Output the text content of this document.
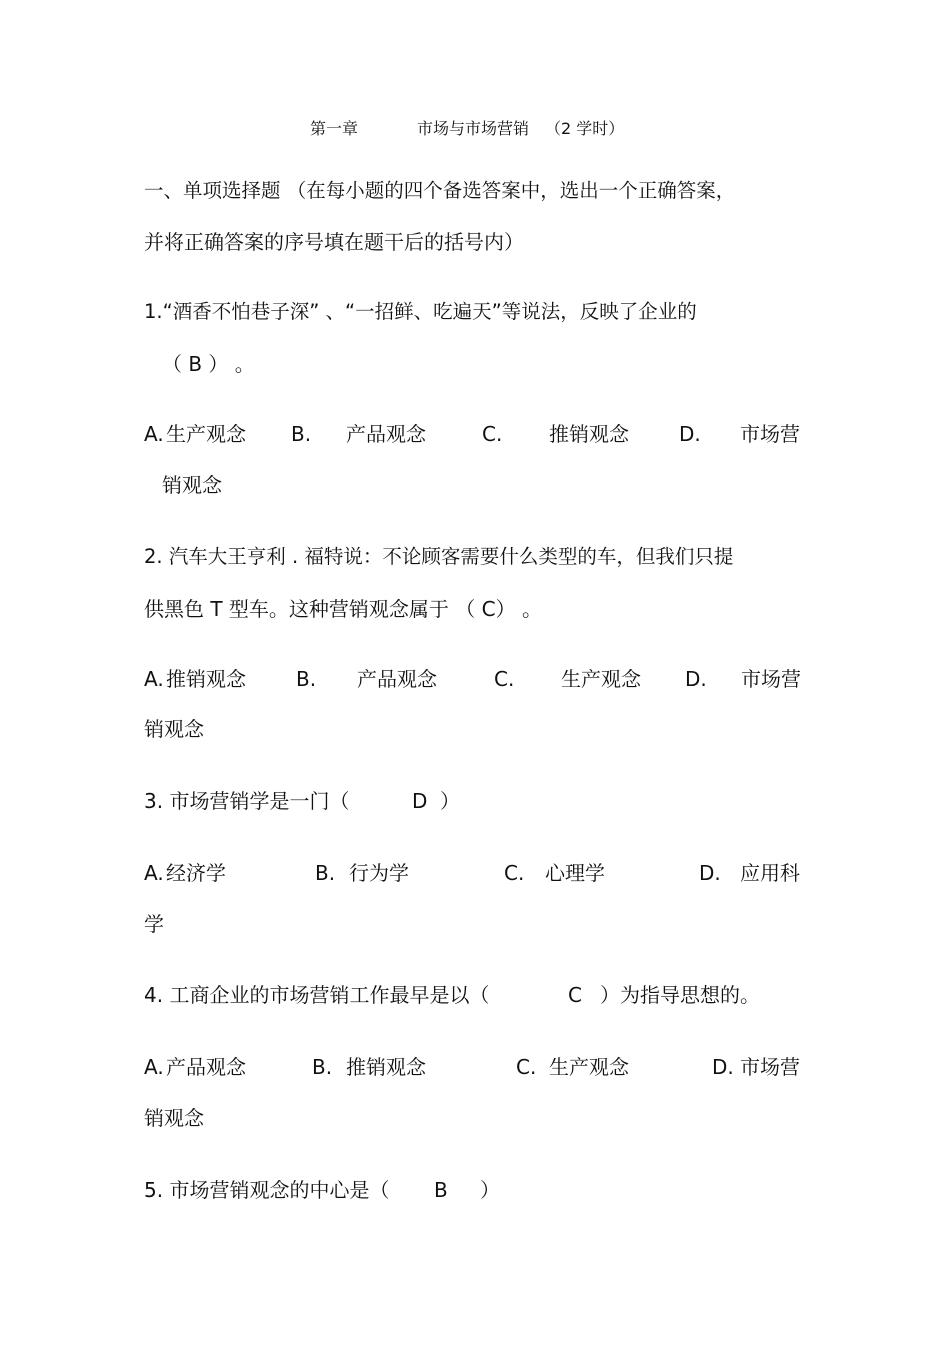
第一章	市场与市场营销 （2 学时）
一、单项选择题 （在每小题的四个备选答案中，选出一个正确答案，
并将正确答案的序号填在题干后的括号内）
1.“酒香不怕巷子深” 、“一招鲜、吃遍天”等说法，反映了企业的
（ B ） 。
A. 生产观念 B. 产品观念	C. 推销观念	D. 市场营
销观念
2. 汽车大王亨利 . 福特说：不论顾客需要什么类型的车，但我们只提
供黑色 T 型车。这种营销观念属于 （ C） 。
A. 推销观念	B. 产品观念	C. 生产观念 D. 市场营
销观念
3. 市场营销学是一门（	D ）
A. 经济学	B. 行为学	C. 心理学	D. 应用科
学
4. 工商企业的市场营销工作最早是以（	C ）为指导思想的。
A. 产品观念	B. 推销观念	C. 生产观念	D. 市场营
销观念
5. 市场营销观念的中心是（ B ）
